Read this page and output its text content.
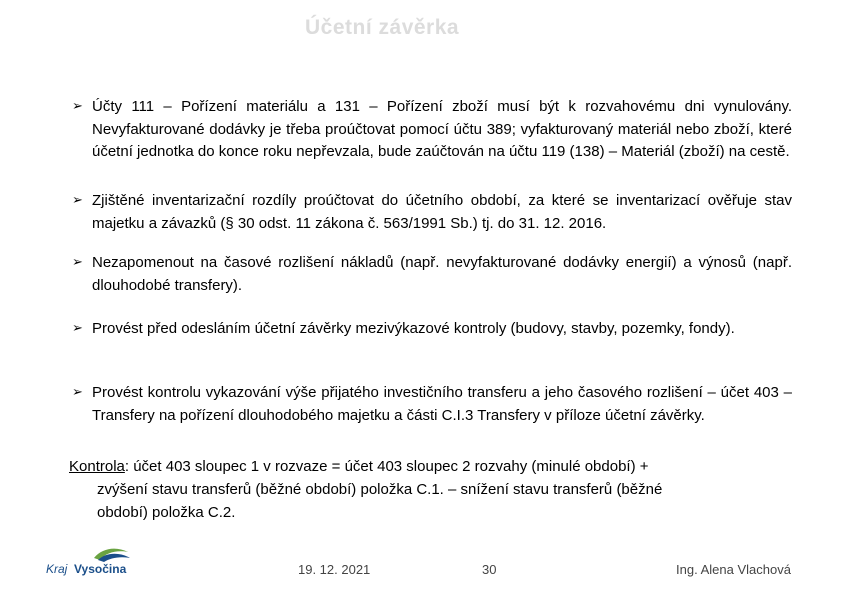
Účetní závěrka
➢ Účty 111 – Pořízení materiálu a 131 – Pořízení zboží musí být k rozvahovému dni vynulovány. Nevyfakturované dodávky je třeba proúčtovat pomocí účtu 389; vyfakturovaný materiál nebo zboží, které účetní jednotka do konce roku nepřevzala, bude zaúčtován na účtu 119 (138) – Materiál (zboží) na cestě.
➢ Zjištěné inventarizační rozdíly proúčtovat do účetního období, za které se inventarizací ověřuje stav majetku a závazků (§ 30 odst. 11 zákona č. 563/1991 Sb.) tj. do 31. 12. 2016.
➢ Nezapomenout na časové rozlišení nákladů (např. nevyfakturované dodávky energií) a výnosů (např. dlouhodobé transfery).
➢ Provést před odesláním účetní závěrky mezivýkazové kontroly (budovy, stavby, pozemky, fondy).
➢ Provést kontrolu vykazování výše přijatého investičního transferu a jeho časového rozlišení – účet 403 – Transfery na pořízení dlouhodobého majetku a části C.I.3 Transfery v příloze účetní závěrky.
Kontrola: účet 403 sloupec 1 v rozvaze = účet 403 sloupec 2 rozvahy (minulé období) +
zvýšení stavu transferů (běžné období) položka C.1. – snížení stavu transferů (běžné
období) položka C.2.
Kraj Vysočina	19. 12. 2021	30	Ing. Alena Vlachová
